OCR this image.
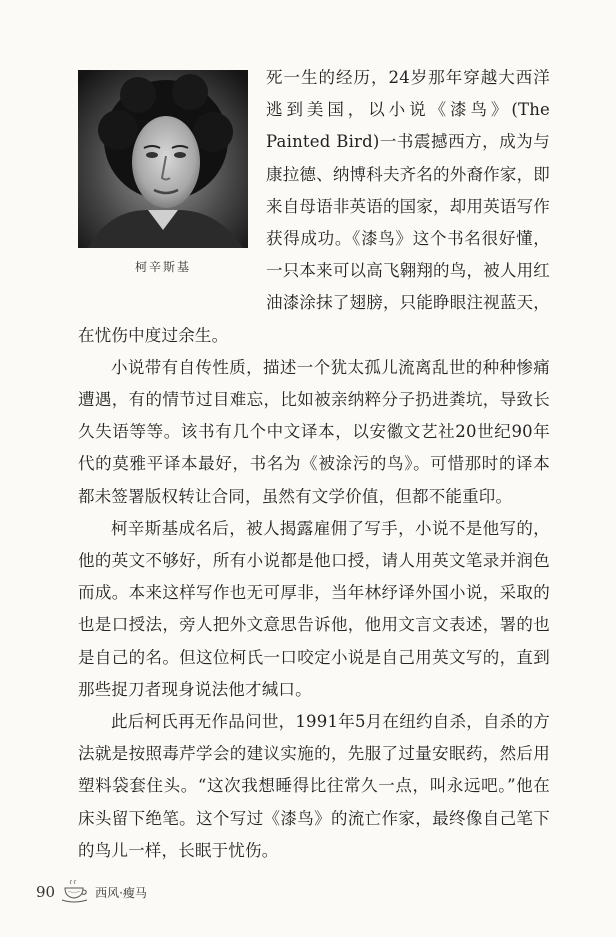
死一生的经历，24岁那年穿越大西洋逃到美国，以小说《漆鸟》(The Painted Bird)一书震撼西方，成为与康拉德、纳博科夫齐名的外裔作家，即来自母语非英语的国家，却用英语写作获得成功。《漆鸟》这个书名很好懂，一只本来可以高飞翱翔的鸟，被人用红油漆涂抹了翅膀，只能睁眼注视蓝天，在忧伤中度过余生。

小说带有自传性质，描述一个犹太孤儿流离乱世的种种惨痛遭遇，有的情节过目难忘，比如被亲纳粹分子扔进粪坑，导致长久失语等等。该书有几个中文译本，以安徽文艺社20世纪90年代的莫雅平译本最好，书名为《被涂污的鸟》。可惜那时的译本都未签署版权转让合同，虽然有文学价值，但都不能重印。

柯辛斯基成名后，被人揭露雇佣了写手，小说不是他写的，他的英文不够好，所有小说都是他口授，请人用英文笔录并润色而成。本来这样写作也无可厚非，当年林纾译外国小说，采取的也是口授法，旁人把外文意思告诉他，他用文言文表述，署的也是自己的名。但这位柯氏一口咬定小说是自己用英文写的，直到那些捉刀者现身说法他才缄口。

此后柯氏再无作品问世，1991年5月在纽约自杀，自杀的方法就是按照毒芹学会的建议实施的，先服了过量安眠药，然后用塑料袋套住头。“这次我想睡得比往常久一点，叫永远吧。”他在床头留下绝笔。这个写过《漆鸟》的流亡作家，最终像自己笔下的鸟儿一样，长眠于忧伤。

柯辛斯基
90	西风·瘦马
